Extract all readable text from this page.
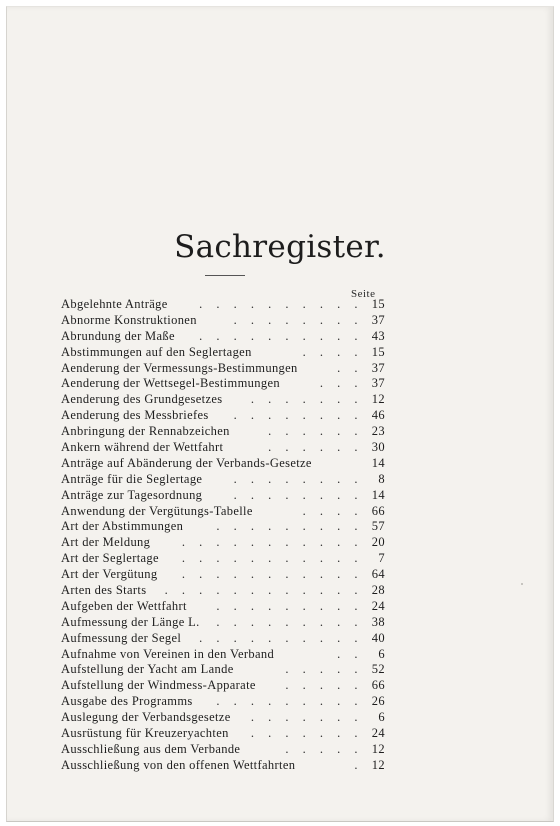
Sachregister.
Seite
Abgelehnte Anträge	. . . . . . . . . . 15
Abnorme Konstruktionen	. . . . . . . . 37
Abrundung der Maße . . . . . . . . . . 43
Abstimmungen auf den Seglertagen	. . . . 15
Aenderung der Vermessungs-Bestimmungen	. . 37
Aenderung der Wettsegel-Bestimmungen	. . . 37
Aenderung des Grundgesetzes . . . . . . . 12
Aenderung des Messbriefes . . . . . . . . 46
Anbringung der Rennabzeichen	. . . . . . 23
Ankern während der Wettfahrt	. . . . . . 30
Anträge auf Abänderung der Verbands-Gesetze	14
Anträge für die Seglertage	. . . . . . . . 8
Anträge zur Tagesordnung	. . . . . . . . 14
Anwendung der Vergütungs-Tabelle	. . . . 66
Art der Abstimmungen	. . . . . . . . . 57
Art der Meldung	. . . . . . . . . . . 20
Art der Seglertage . . . . . . . . . . . 7
Art der Vergütung . . . . . . . . . . . 64
Arten des Starts . . . . . . . . . . . . 28
Aufgeben der Wettfahrt . . . . . . . . . 24
Aufmessung der Länge L. . . . . . . . . . 38
Aufmessung der Segel . . . . . . . . . . 40
Aufnahme von Vereinen in den Verband	. . 6
Aufstellung der Yacht am Lande	. . . . . 52
Aufstellung der Windmess-Apparate . . . . . 66
Ausgabe des Programms . . . . . . . . . 26
Auslegung der Verbandsgesetze . . . . . . . 6
Ausrüstung für Kreuzeryachten . . . . . . . 24
Ausschließung aus dem Verbande	. . . . . 12
Ausschließung von den offenen Wettfahrten	. 12
